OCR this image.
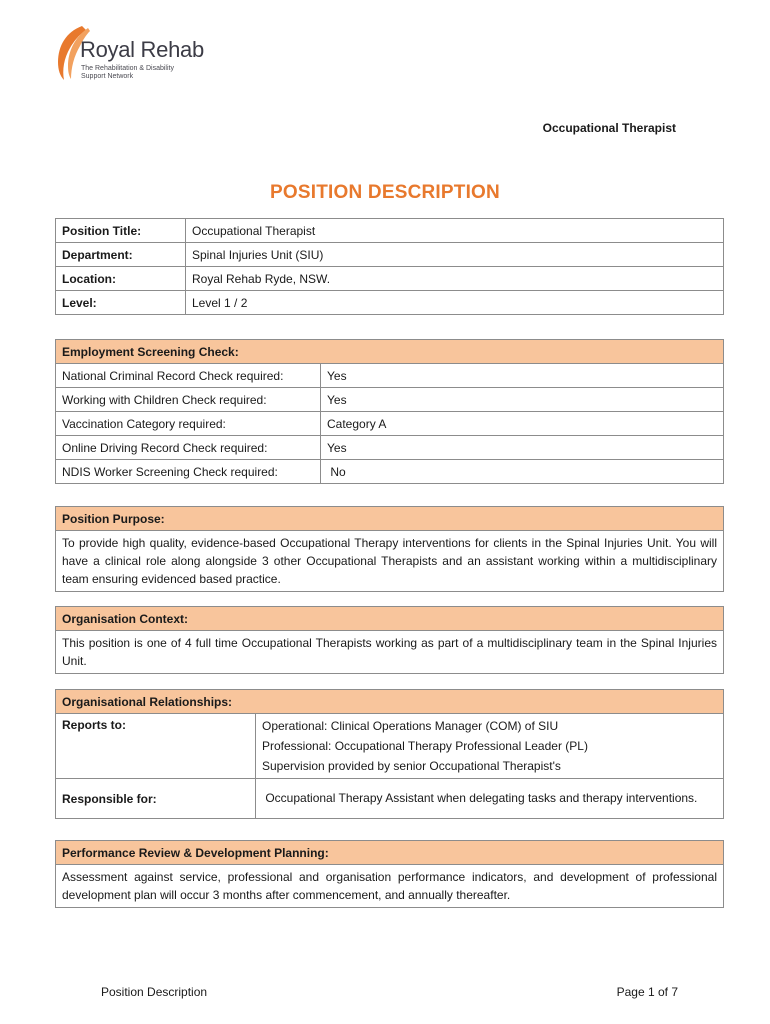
Royal Rehab
The Rehabilitation & Disability
Support Network
Occupational Therapist
POSITION DESCRIPTION
Position Title:	Occupational Therapist
Department:	Spinal Injuries Unit (SIU)
Location:	Royal Rehab Ryde, NSW.
Level:	Level 1 / 2
Employment Screening Check:	
National Criminal Record Check required:	Yes
Working with Children Check required:	Yes
Vaccination Category required:	Category A
Online Driving Record Check required:	Yes
NDIS Worker Screening Check required:	No
Position Purpose:
To provide high quality, evidence-based Occupational Therapy interventions for clients in the Spinal Injuries Unit. You will have a clinical role along alongside 3 other Occupational Therapists and an assistant working within a multidisciplinary team ensuring evidenced based practice.
Organisation Context:
This position is one of 4 full time Occupational Therapists working as part of a multidisciplinary team in the Spinal Injuries Unit.
Organisational Relationships:	
Reports to:	Operational: Clinical Operations Manager (COM) of SIU
Professional: Occupational Therapy Professional Leader (PL)
Supervision provided by senior Occupational Therapist's

Responsible for:	Occupational Therapy Assistant when delegating tasks and therapy interventions.
Performance Review & Development Planning:
Assessment against service, professional and organisation performance indicators, and development of professional development plan will occur 3 months after commencement, and annually thereafter.
Position Description	Page 1 of 7
